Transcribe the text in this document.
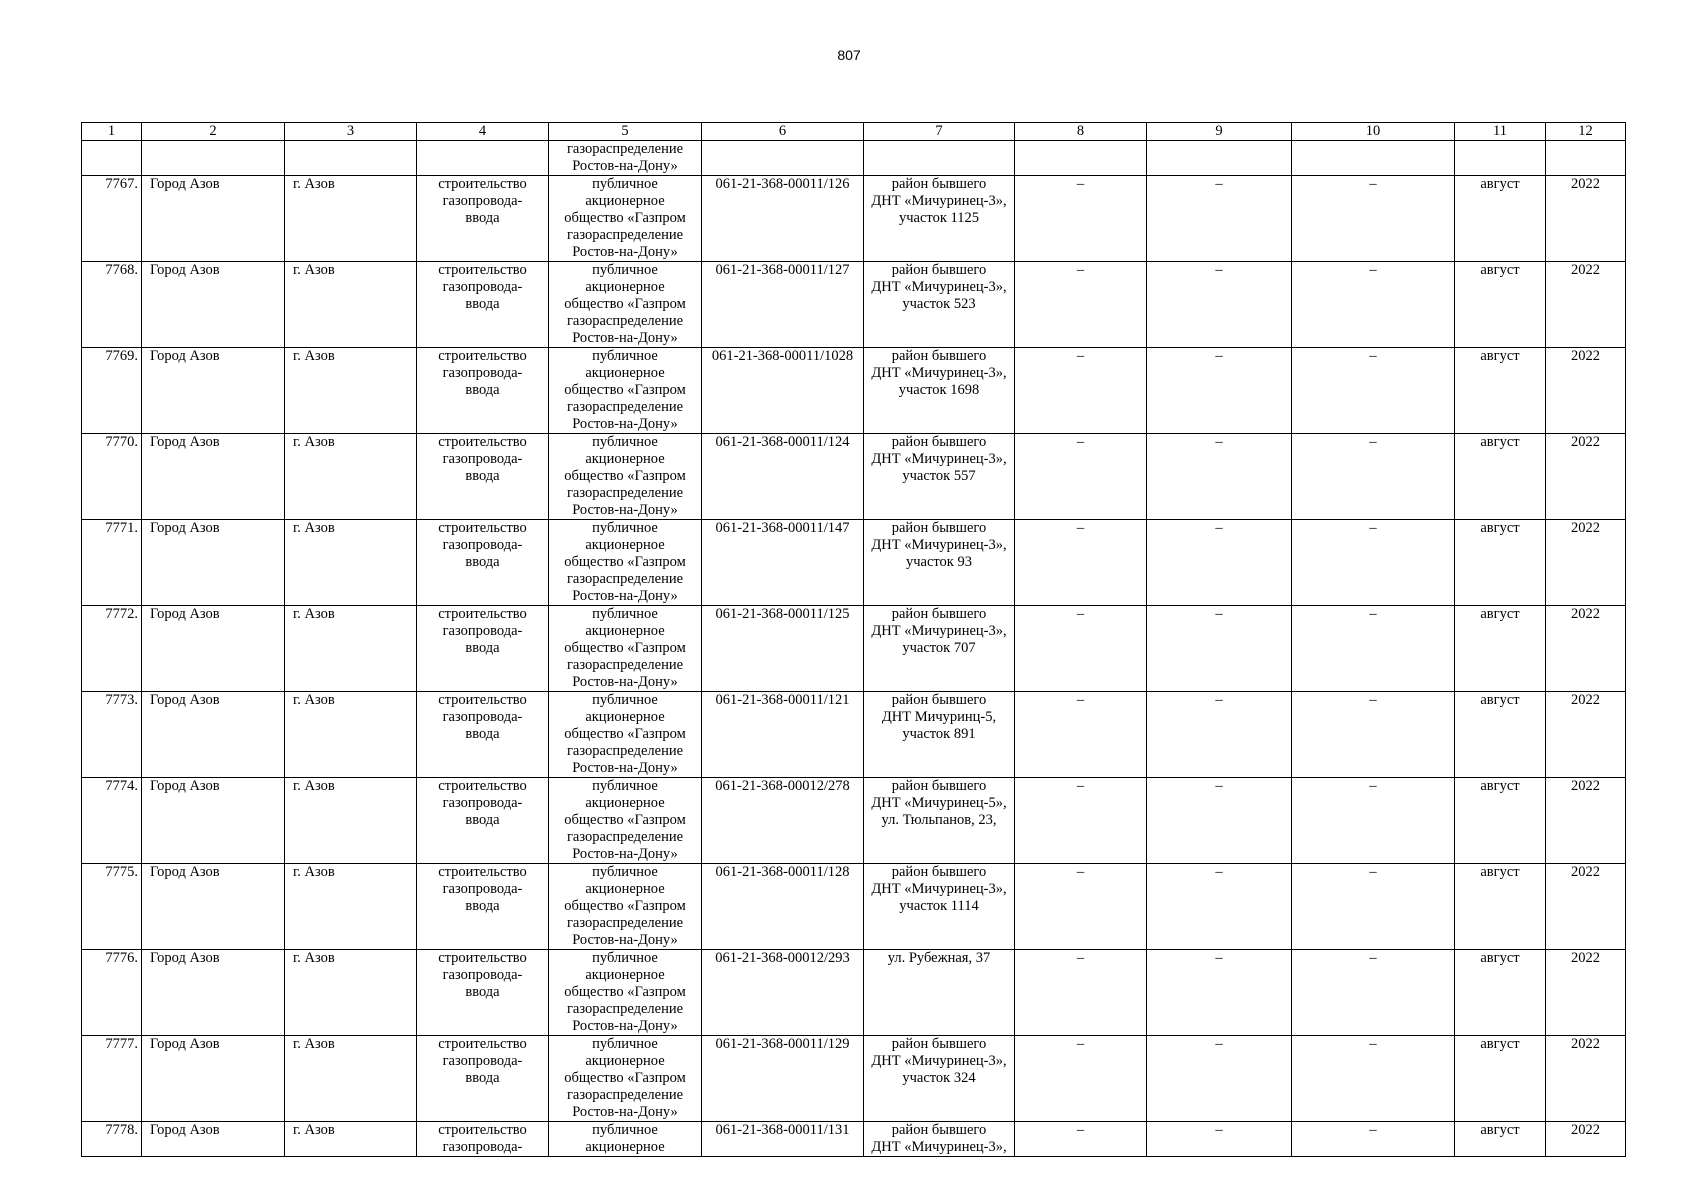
807
1	2	3	4	5	6	7	8	9	10	11	12
				газораспределение
Ростов-на-Дону»							
7767.	Город Азов	г. Азов	строительство
газопровода-
ввода	публичное
акционерное
общество «Газпром
газораспределение
Ростов-на-Дону»	061-21-368-00011/126	район бывшего
ДНТ «Мичуринец-3»,
участок 1125	–	–	–	август	2022
7768.	Город Азов	г. Азов	строительство
газопровода-
ввода	публичное
акционерное
общество «Газпром
газораспределение
Ростов-на-Дону»	061-21-368-00011/127	район бывшего
ДНТ «Мичуринец-3»,
участок 523	–	–	–	август	2022
7769.	Город Азов	г. Азов	строительство
газопровода-
ввода	публичное
акционерное
общество «Газпром
газораспределение
Ростов-на-Дону»	061-21-368-00011/1028	район бывшего
ДНТ «Мичуринец-3»,
участок 1698	–	–	–	август	2022
7770.	Город Азов	г. Азов	строительство
газопровода-
ввода	публичное
акционерное
общество «Газпром
газораспределение
Ростов-на-Дону»	061-21-368-00011/124	район бывшего
ДНТ «Мичуринец-3»,
участок 557	–	–	–	август	2022
7771.	Город Азов	г. Азов	строительство
газопровода-
ввода	публичное
акционерное
общество «Газпром
газораспределение
Ростов-на-Дону»	061-21-368-00011/147	район бывшего
ДНТ «Мичуринец-3»,
участок 93	–	–	–	август	2022
7772.	Город Азов	г. Азов	строительство
газопровода-
ввода	публичное
акционерное
общество «Газпром
газораспределение
Ростов-на-Дону»	061-21-368-00011/125	район бывшего
ДНТ «Мичуринец-3»,
участок 707	–	–	–	август	2022
7773.	Город Азов	г. Азов	строительство
газопровода-
ввода	публичное
акционерное
общество «Газпром
газораспределение
Ростов-на-Дону»	061-21-368-00011/121	район бывшего
ДНТ Мичуринц-5,
участок 891	–	–	–	август	2022
7774.	Город Азов	г. Азов	строительство
газопровода-
ввода	публичное
акционерное
общество «Газпром
газораспределение
Ростов-на-Дону»	061-21-368-00012/278	район бывшего
ДНТ «Мичуринец-5»,
ул. Тюльпанов, 23,	–	–	–	август	2022
7775.	Город Азов	г. Азов	строительство
газопровода-
ввода	публичное
акционерное
общество «Газпром
газораспределение
Ростов-на-Дону»	061-21-368-00011/128	район бывшего
ДНТ «Мичуринец-3»,
участок 1114	–	–	–	август	2022
7776.	Город Азов	г. Азов	строительство
газопровода-
ввода	публичное
акционерное
общество «Газпром
газораспределение
Ростов-на-Дону»	061-21-368-00012/293	ул. Рубежная, 37	–	–	–	август	2022
7777.	Город Азов	г. Азов	строительство
газопровода-
ввода	публичное
акционерное
общество «Газпром
газораспределение
Ростов-на-Дону»	061-21-368-00011/129	район бывшего
ДНТ «Мичуринец-3»,
участок 324	–	–	–	август	2022
7778.	Город Азов	г. Азов	строительство
газопровода-	публичное
акционерное	061-21-368-00011/131	район бывшего
ДНТ «Мичуринец-3»,	–	–	–	август	2022
